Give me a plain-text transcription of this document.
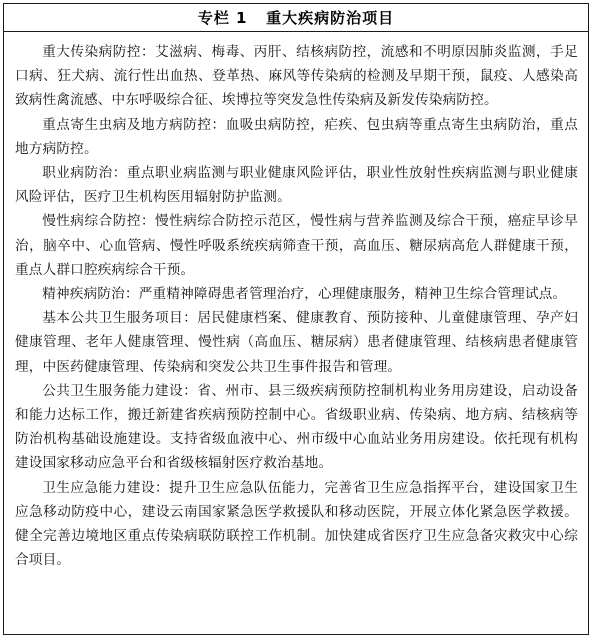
专栏 1   重大疾病防治项目

重大传染病防控：艾滋病、梅毒、丙肝、结核病防控，流感和不明原因肺炎监测，手足口病、狂犬病、流行性出血热、登革热、麻风等传染病的检测及早期干预，鼠疫、人感染高致病性禽流感、中东呼吸综合征、埃博拉等突发急性传染病及新发传染病防控。

重点寄生虫病及地方病防控：血吸虫病防控，疟疾、包虫病等重点寄生虫病防治，重点地方病防控。

职业病防治：重点职业病监测与职业健康风险评估，职业性放射性疾病监测与职业健康风险评估，医疗卫生机构医用辐射防护监测。

慢性病综合防控：慢性病综合防控示范区，慢性病与营养监测及综合干预，癌症早诊早治，脑卒中、心血管病、慢性呼吸系统疾病筛查干预，高血压、糖尿病高危人群健康干预，重点人群口腔疾病综合干预。

精神疾病防治：严重精神障碍患者管理治疗，心理健康服务，精神卫生综合管理试点。

基本公共卫生服务项目：居民健康档案、健康教育、预防接种、儿童健康管理、孕产妇健康管理、老年人健康管理、慢性病（高血压、糖尿病）患者健康管理、结核病患者健康管理，中医药健康管理、传染病和突发公共卫生事件报告和管理。

公共卫生服务能力建设：省、州市、县三级疾病预防控制机构业务用房建设，启动设备和能力达标工作，搬迁新建省疾病预防控制中心。省级职业病、传染病、地方病、结核病等防治机构基础设施建设。支持省级血液中心、州市级中心血站业务用房建设。依托现有机构建设国家移动应急平台和省级核辐射医疗救治基地。

卫生应急能力建设：提升卫生应急队伍能力，完善省卫生应急指挥平台，建设国家卫生应急移动防疫中心，建设云南国家紧急医学救援队和移动医院，开展立体化紧急医学救援。健全完善边境地区重点传染病联防联控工作机制。加快建成省医疗卫生应急备灾救灾中心综合项目。
